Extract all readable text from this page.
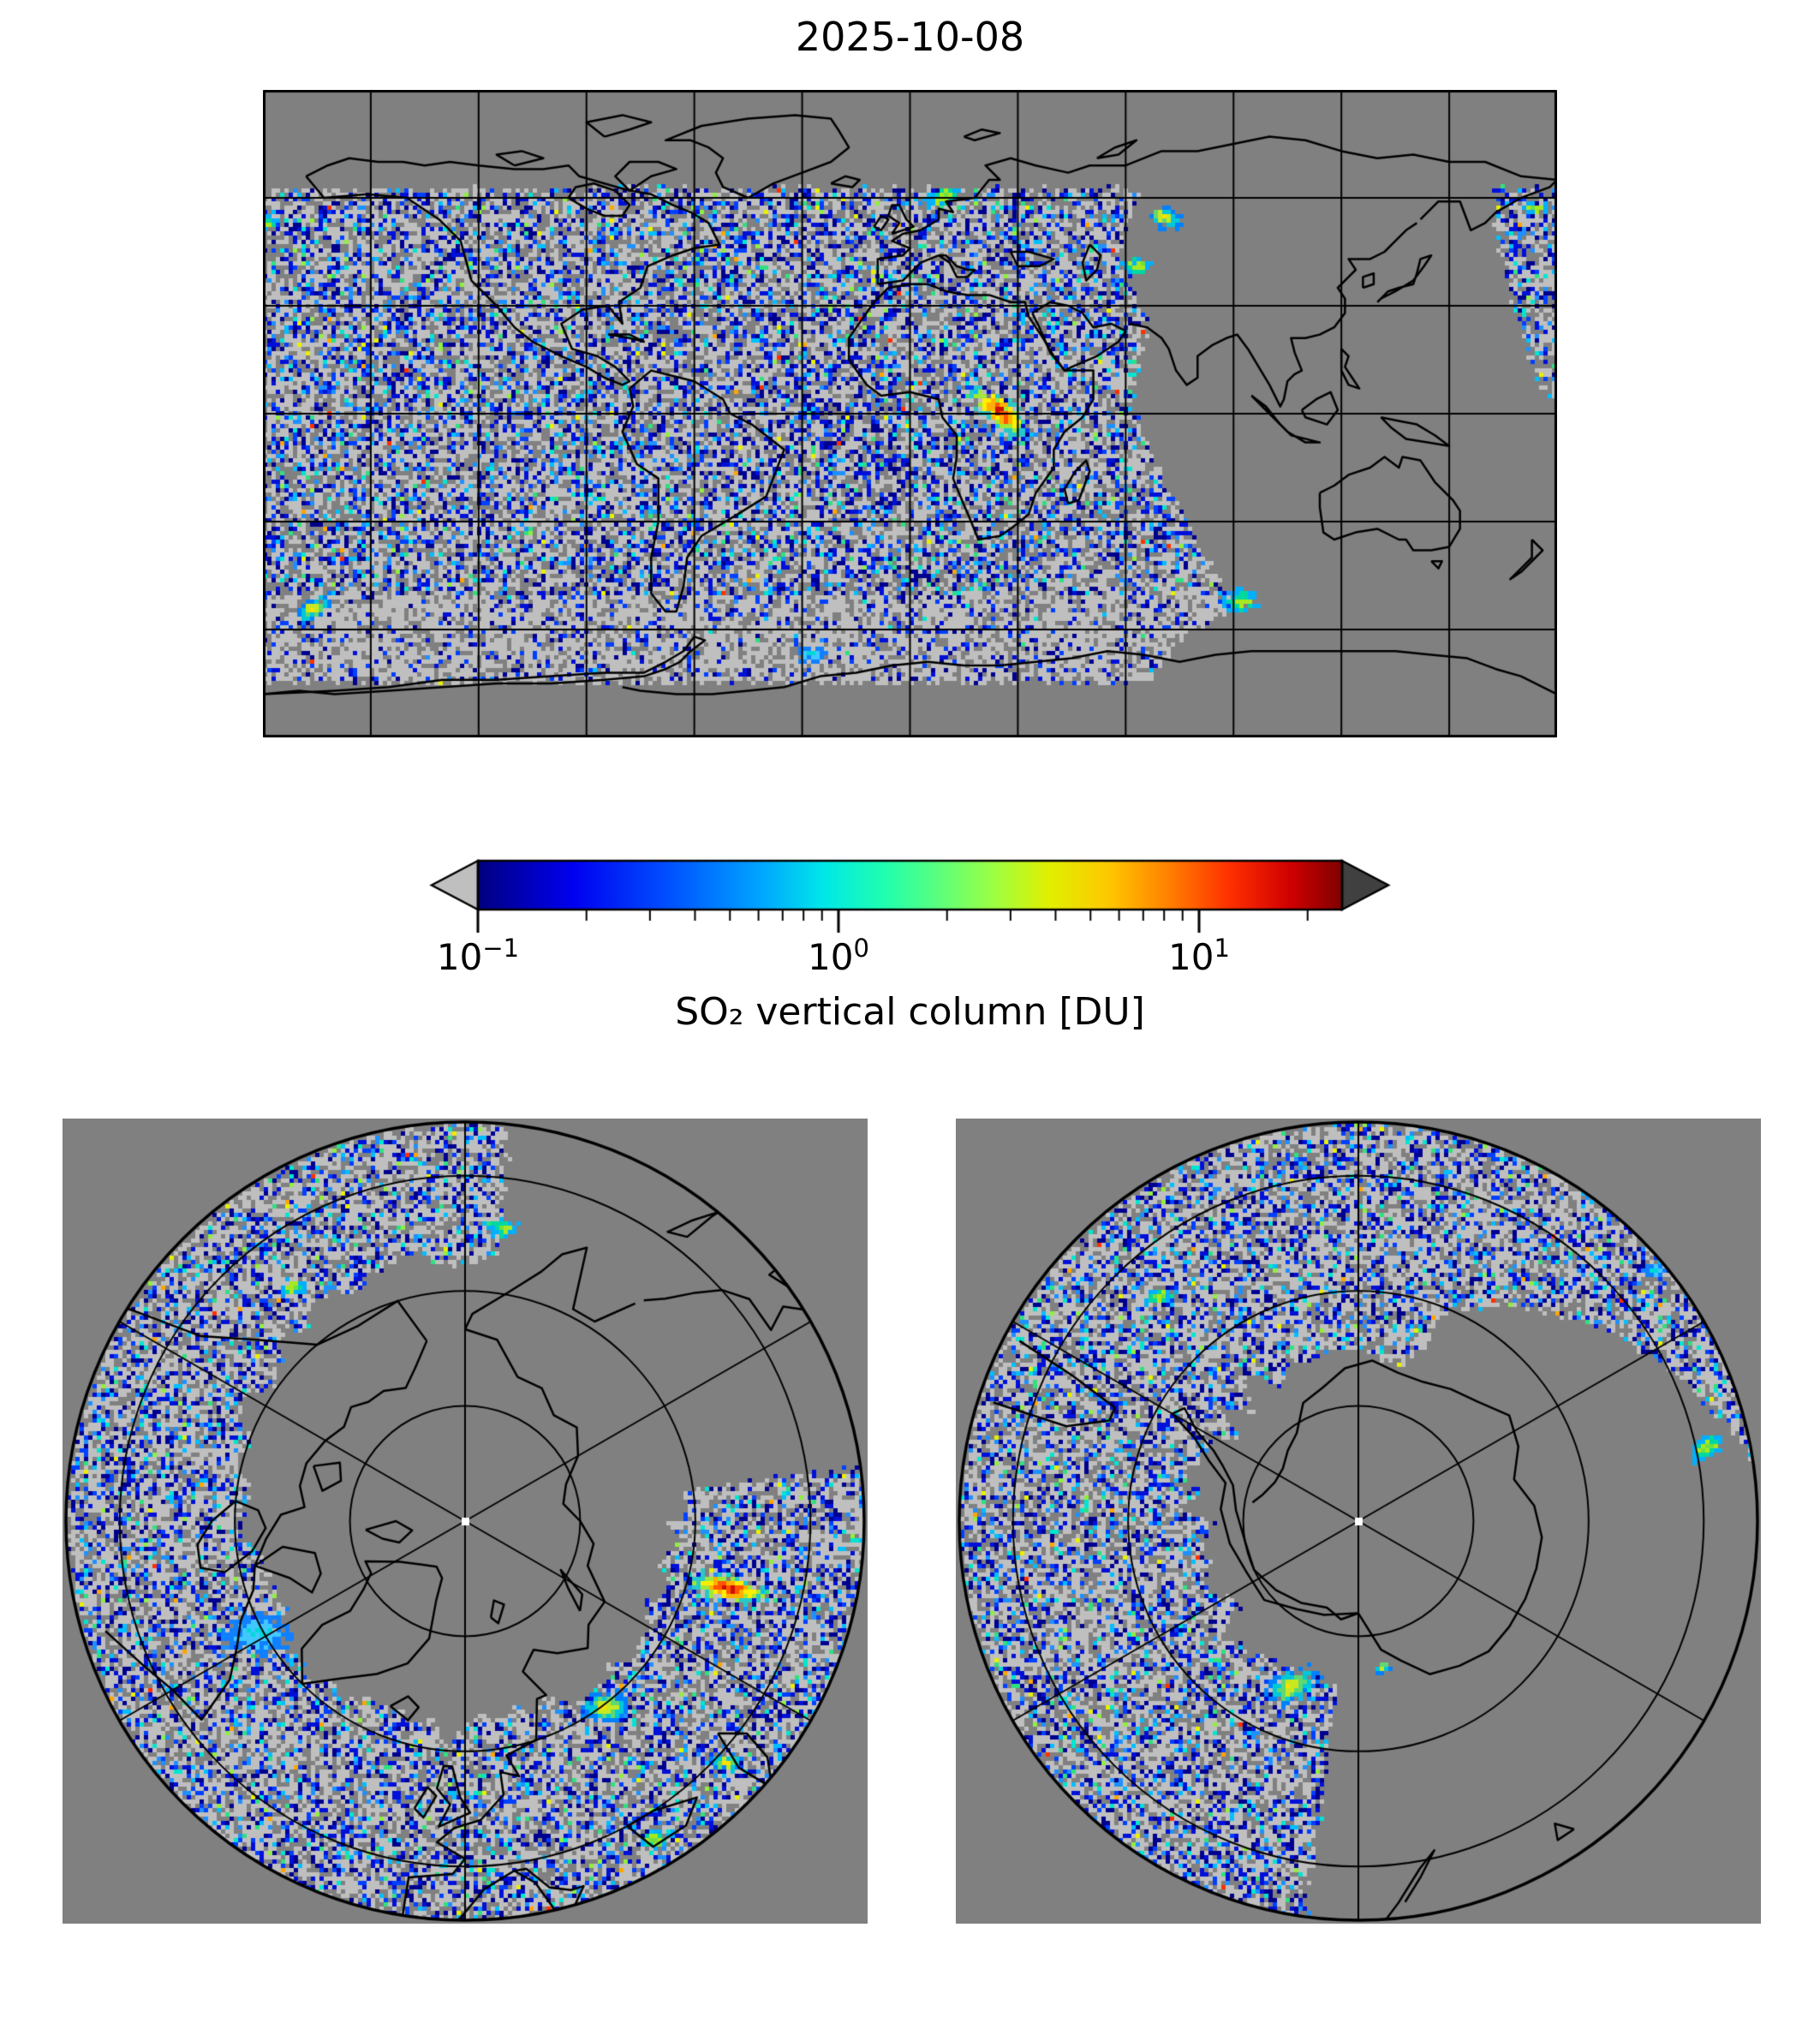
2025-10-08
$10^{-1}$	$10^0$	$10^1$
SO₂ vertical column [DU]
